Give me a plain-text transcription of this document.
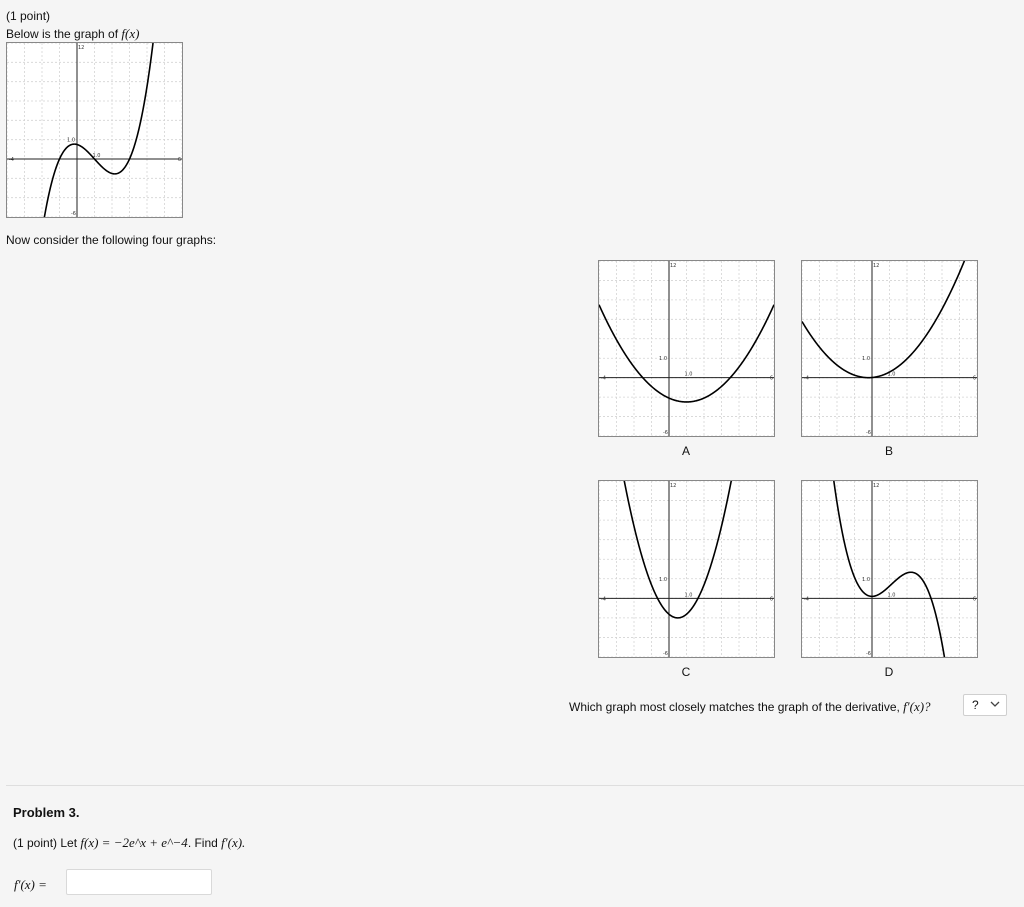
(1 point)
Below is the graph of f(x)
-4	6
12
-6
1.0
1.0
Now consider the following four graphs:
-4	6
12
-6
1.0
1.0
A
-4	6
12
-6
1.0
1.0
B
-4	6
12
-6
1.0
1.0
C
-4	6
12
-6
1.0
1.0
D
Which graph most closely matches the graph of the derivative, f′(x)?	?
Problem 3.
(1 point) Let f(x) = −2e^x + e^−4. Find f′(x).
f′(x) =
